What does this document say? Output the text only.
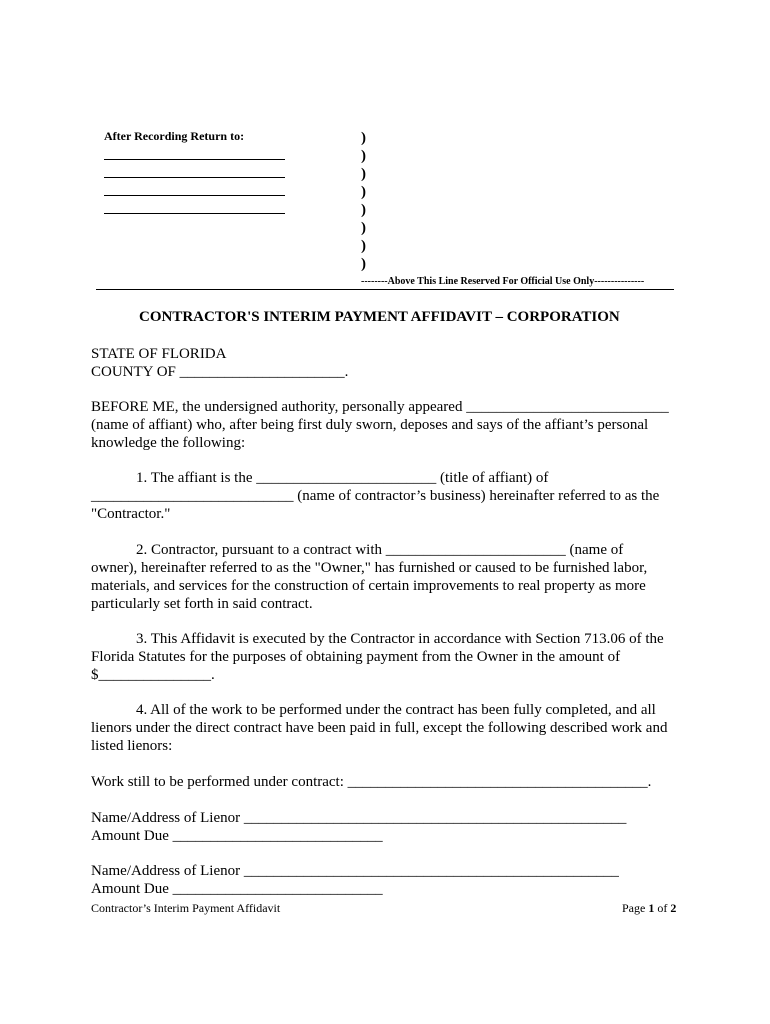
After Recording Return to:	)
)
)
)
)
)
)
)
--------Above This Line Reserved For Official Use Only---------------
CONTRACTOR'S INTERIM PAYMENT AFFIDAVIT – CORPORATION
STATE OF FLORIDA
COUNTY OF ______________________.
BEFORE ME, the undersigned authority, personally appeared ___________________________
(name of affiant) who, after being first duly sworn, deposes and says of the affiant’s personal
knowledge the following:
1. The affiant is the ________________________ (title of affiant) of
___________________________ (name of contractor’s business) hereinafter referred to as the
"Contractor."
2. Contractor, pursuant to a contract with ________________________ (name of
owner), hereinafter referred to as the "Owner," has furnished or caused to be furnished labor,
materials, and services for the construction of certain improvements to real property as more
particularly set forth in said contract.
3. This Affidavit is executed by the Contractor in accordance with Section 713.06 of the
Florida Statutes for the purposes of obtaining payment from the Owner in the amount of
$_______________.
4. All of the work to be performed under the contract has been fully completed, and all
lienors under the direct contract have been paid in full, except the following described work and
listed lienors:
Work still to be performed under contract: ________________________________________.
Name/Address of Lienor ___________________________________________________
Amount Due ____________________________
Name/Address of Lienor __________________________________________________
Amount Due ____________________________
Contractor’s Interim Payment Affidavit	Page 1 of 2
